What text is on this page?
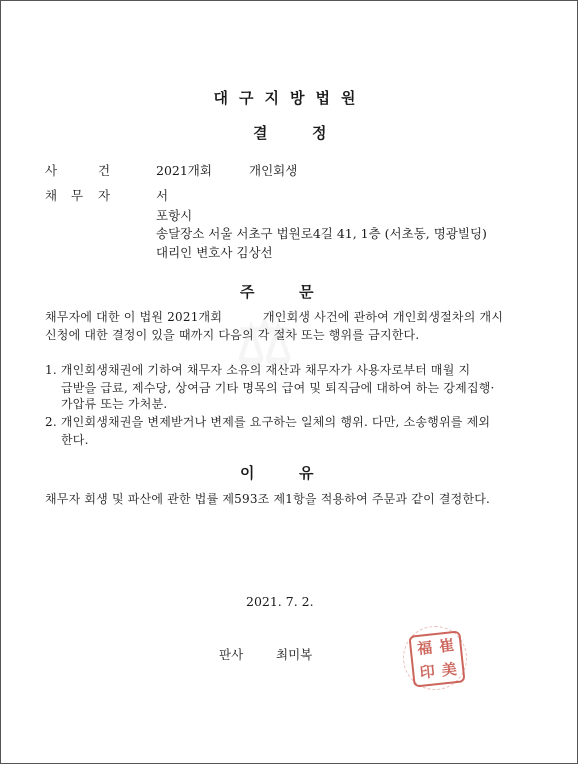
대구지방법원
결	정
사	건	2021개회	개인회생
채 무 자	서
포항시
송달장소 서울 서초구 법원로4길 41, 1층 (서초동, 명광빌딩)
대리인 변호사 김상선
주	문
채무자에 대한 이 법원 2021개회	개인회생 사건에 관하여 개인회생절차의 개시
신청에 대한 결정이 있을 때까지 다음의 각 절차 또는 행위를 금지한다.
1. 개인회생채권에 기하여 채무자 소유의 재산과 채무자가 사용자로부터 매월 지
급받을 급료, 제수당, 상여금 기타 명목의 급여 및 퇴직금에 대하여 하는 강제집행·
가압류 또는 가처분.
2. 개인회생채권을 변제받거나 변제를 요구하는 일체의 행위. 다만, 소송행위를 제외
한다.
이	유
채무자 회생 및 파산에 관한 법률 제593조 제1항을 적용하여 주문과 같이 결정한다.
2021. 7. 2.
판사	최미복	福 崔
印 美
